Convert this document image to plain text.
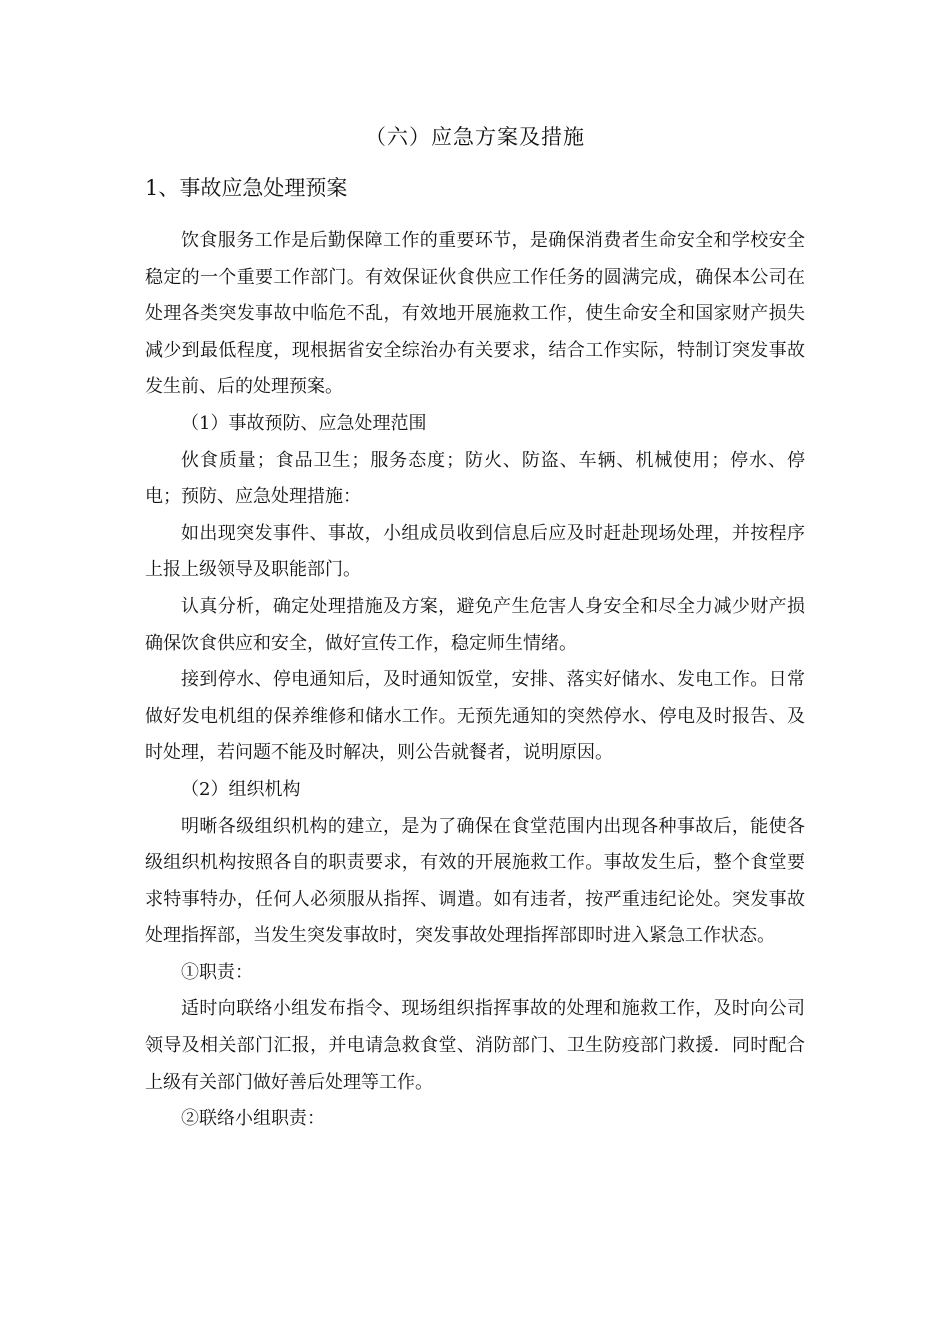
（六）应急方案及措施
1、事故应急处理预案

饮食服务工作是后勤保障工作的重要环节，是确保消费者生命安全和学校安全稳定的一个重要工作部门。有效保证伙食供应工作任务的圆满完成，确保本公司在处理各类突发事故中临危不乱，有效地开展施救工作，使生命安全和国家财产损失减少到最低程度，现根据省安全综治办有关要求，结合工作实际，特制订突发事故发生前、后的处理预案。

（1）事故预防、应急处理范围

伙食质量；食品卫生；服务态度；防火、防盗、车辆、机械使用；停水、停电；预防、应急处理措施：

如出现突发事件、事故，小组成员收到信息后应及时赶赴现场处理，并按程序上报上级领导及职能部门。

认真分析，确定处理措施及方案，避免产生危害人身安全和尽全力减少财产损确保饮食供应和安全，做好宣传工作，稳定师生情绪。

接到停水、停电通知后，及时通知饭堂，安排、落实好储水、发电工作。日常做好发电机组的保养维修和储水工作。无预先通知的突然停水、停电及时报告、及时处理，若问题不能及时解决，则公告就餐者，说明原因。

（2）组织机构

明晰各级组织机构的建立，是为了确保在食堂范围内出现各种事故后，能使各级组织机构按照各自的职责要求，有效的开展施救工作。事故发生后，整个食堂要求特事特办，任何人必须服从指挥、调遣。如有违者，按严重违纪论处。突发事故处理指挥部，当发生突发事故时，突发事故处理指挥部即时进入紧急工作状态。

①职责：

适时向联络小组发布指令、现场组织指挥事故的处理和施救工作，及时向公司领导及相关部门汇报，并电请急救食堂、消防部门、卫生防疫部门救援．同时配合上级有关部门做好善后处理等工作。

②联络小组职责：
